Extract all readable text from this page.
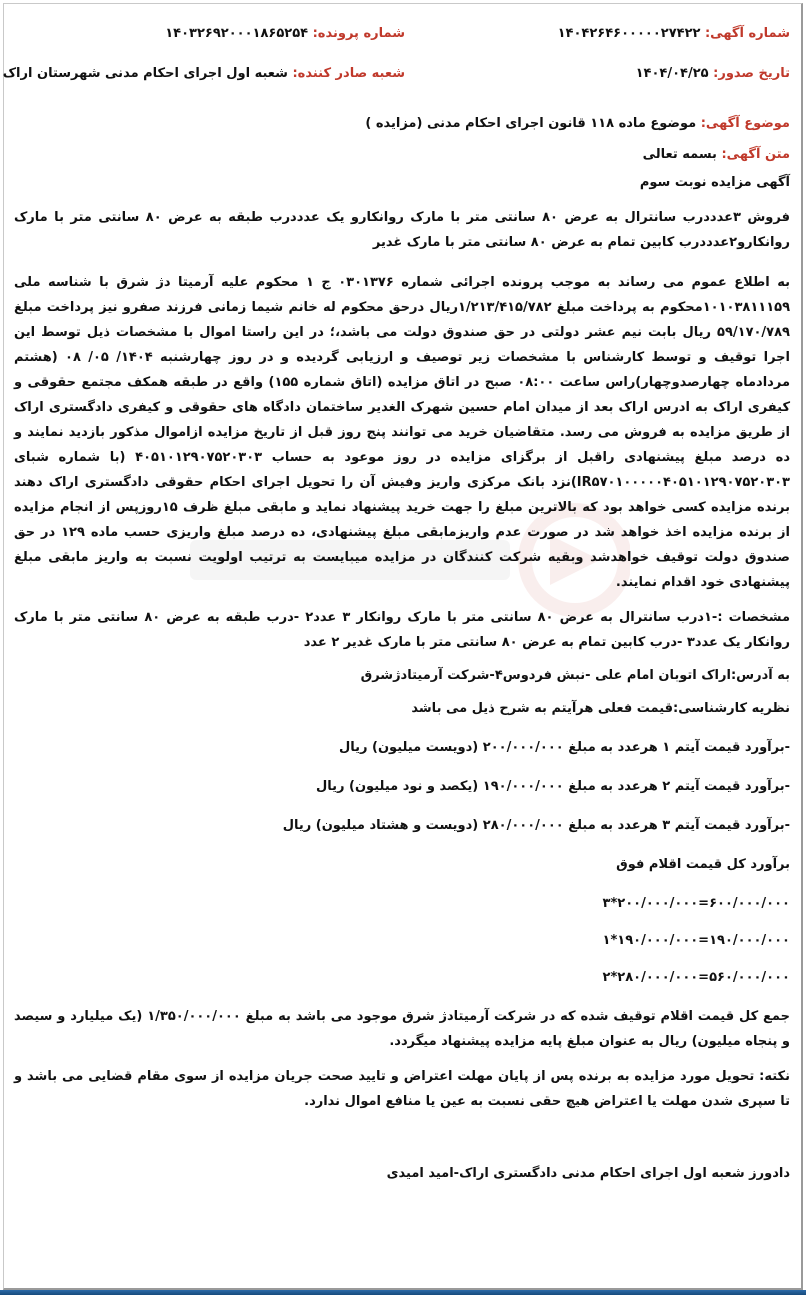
شماره آگهی: ۱۴۰۴۲۶۴۶۰۰۰۰۰۲۷۴۲۲
شماره پرونده: ۱۴۰۳۲۶۹۲۰۰۰۱۸۶۵۲۵۴
تاریخ صدور: ۱۴۰۴/۰۴/۲۵
شعبه صادر کننده: شعبه اول اجرای احکام مدنی شهرستان اراک
موضوع آگهی: موضوع ماده ۱۱۸ قانون اجرای احکام مدنی (مزایده )
متن آگهی: بسمه تعالی
آگهی مزایده نوبت سوم
فروش ۳عدددرب سانترال به عرض ۸۰ سانتی متر با مارک روانکارو یک عدددرب طبقه به عرض ۸۰ سانتی متر با مارک روانکارو۲عدددرب کابین تمام به عرض ۸۰ سانتی متر با مارک غدیر
به اطلاع عموم می رساند به موجب پرونده اجرائی شماره ۰۳۰۱۳۷۶ ج ۱ محکوم علیه آرمیتا دژ شرق با شناسه ملی ۱۰۱۰۳۸۱۱۱۵۹محکوم به پرداخت مبلغ ۱/۲۱۳/۴۱۵/۷۸۲ریال درحق محکوم له خانم شیما زمانی فرزند صفرو نیز پرداخت مبلغ ۵۹/۱۷۰/۷۸۹ ریال بابت نیم عشر دولتی در حق صندوق دولت می باشد،؛ در این راستا اموال با مشخصات ذیل توسط این اجرا توقیف و توسط کارشناس با مشخصات زیر توصیف و ارزیابی گردیده و در روز چهارشنبه ۱۴۰۴/ ۰۵/ ۰۸ (هشتم مردادماه چهارصدوچهار)راس ساعت ۰۸:۰۰ صبح در اتاق مزایده (اتاق شماره ۱۵۵) واقع در طبقه همکف مجتمع حقوقی و کیفری اراک به ادرس اراک بعد از میدان امام حسین شهرک الغدیر ساختمان دادگاه های حقوقی و کیفری دادگستری اراک از طریق مزایده به فروش می رسد. متقاضیان خرید می توانند پنج روز قبل از تاریخ مزایده ازاموال مذکور بازدید نمایند و ده درصد مبلغ پیشنهادی راقبل از برگزای مزایده در روز موعود به حساب ۴۰۵۱۰۱۲۹۰۷۵۲۰۳۰۳ (با شماره شبای IR۵۷۰۱۰۰۰۰۰۴۰۵۱۰۱۲۹۰۷۵۲۰۳۰۳)نزد بانک مرکزی واریز وفیش آن را تحویل اجرای احکام حقوقی دادگستری اراک دهند برنده مزایده کسی خواهد بود که بالاترین مبلغ را جهت خرید پیشنهاد نماید و مابقی مبلغ ظرف ۱۵روزپس از انجام مزایده از برنده مزایده اخذ خواهد شد در صورت عدم واریزمابقی مبلغ پیشنهادی، ده درصد مبلغ واریزی حسب ماده ۱۲۹ در حق صندوق دولت توقیف خواهدشد وبقیه شرکت کنندگان در مزایده میبایست به ترتیب اولویت نسبت به واریز مابقی مبلغ پیشنهادی خود اقدام نمایند.
مشخصات :-۱درب سانترال به عرض ۸۰ سانتی متر با مارک روانکار ۳ عدد۲ -درب طبقه به عرض ۸۰ سانتی متر با مارک روانکار یک عدد۳ -درب کابین تمام به عرض ۸۰ سانتی متر با مارک غدیر ۲ عدد
به آدرس:اراک اتوبان امام علی -نبش فردوس۴-شرکت آرمیتادژشرق
نظریه کارشناسی:قیمت فعلی هرآیتم به شرح ذیل می باشد
-برآورد قیمت آیتم ۱ هرعدد به مبلغ ۲۰۰/۰۰۰/۰۰۰ (دویست میلیون) ریال
-برآورد قیمت آیتم ۲ هرعدد به مبلغ ۱۹۰/۰۰۰/۰۰۰ (یکصد و نود میلیون) ریال
-برآورد قیمت آیتم ۳ هرعدد به مبلغ ۲۸۰/۰۰۰/۰۰۰ (دویست و هشتاد میلیون) ریال
برآورد کل قیمت اقلام فوق
۳*۲۰۰/۰۰۰/۰۰۰=۶۰۰/۰۰۰/۰۰۰
۱*۱۹۰/۰۰۰/۰۰۰=۱۹۰/۰۰۰/۰۰۰
۲*۲۸۰/۰۰۰/۰۰۰=۵۶۰/۰۰۰/۰۰۰
جمع کل قیمت اقلام توقیف شده که در شرکت آرمیتادژ شرق موجود می باشد به مبلغ ۱/۳۵۰/۰۰۰/۰۰۰ (یک میلیارد و سیصد و پنجاه میلیون) ریال به عنوان مبلغ پایه مزایده پیشنهاد میگردد.
نکته: تحویل مورد مزایده به برنده پس از پایان مهلت اعتراض و تایید صحت جریان مزایده از سوی مقام قضایی می باشد و تا سپری شدن مهلت یا اعتراض هیچ حقی نسبت به عین یا منافع اموال ندارد.
دادورز شعبه اول اجرای احکام مدنی دادگستری اراک-امید امیدی
